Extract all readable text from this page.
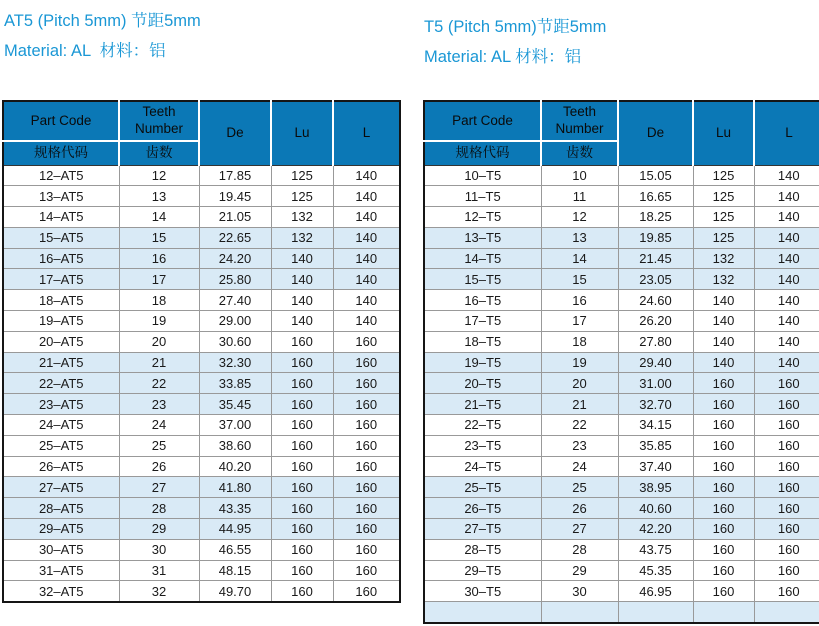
AT5 (Pitch 5mm) 节距5mm
Material: AL  材料：铝
T5 (Pitch 5mm)节距5mm
Material: AL 材料：铝
Part Code	Teeth Number	De	Lu	L
规格代码	齿数			
12–AT5	12	17.85	125	140
13–AT5	13	19.45	125	140
14–AT5	14	21.05	132	140
15–AT5	15	22.65	132	140
16–AT5	16	24.20	140	140
17–AT5	17	25.80	140	140
18–AT5	18	27.40	140	140
19–AT5	19	29.00	140	140
20–AT5	20	30.60	160	160
21–AT5	21	32.30	160	160
22–AT5	22	33.85	160	160
23–AT5	23	35.45	160	160
24–AT5	24	37.00	160	160
25–AT5	25	38.60	160	160
26–AT5	26	40.20	160	160
27–AT5	27	41.80	160	160
28–AT5	28	43.35	160	160
29–AT5	29	44.95	160	160
30–AT5	30	46.55	160	160
31–AT5	31	48.15	160	160
32–AT5	32	49.70	160	160
Part Code	Teeth Number	De	Lu	L
规格代码	齿数			
10–T5	10	15.05	125	140
11–T5	11	16.65	125	140
12–T5	12	18.25	125	140
13–T5	13	19.85	125	140
14–T5	14	21.45	132	140
15–T5	15	23.05	132	140
16–T5	16	24.60	140	140
17–T5	17	26.20	140	140
18–T5	18	27.80	140	140
19–T5	19	29.40	140	140
20–T5	20	31.00	160	160
21–T5	21	32.70	160	160
22–T5	22	34.15	160	160
23–T5	23	35.85	160	160
24–T5	24	37.40	160	160
25–T5	25	38.95	160	160
26–T5	26	40.60	160	160
27–T5	27	42.20	160	160
28–T5	28	43.75	160	160
29–T5	29	45.35	160	160
30–T5	30	46.95	160	160
